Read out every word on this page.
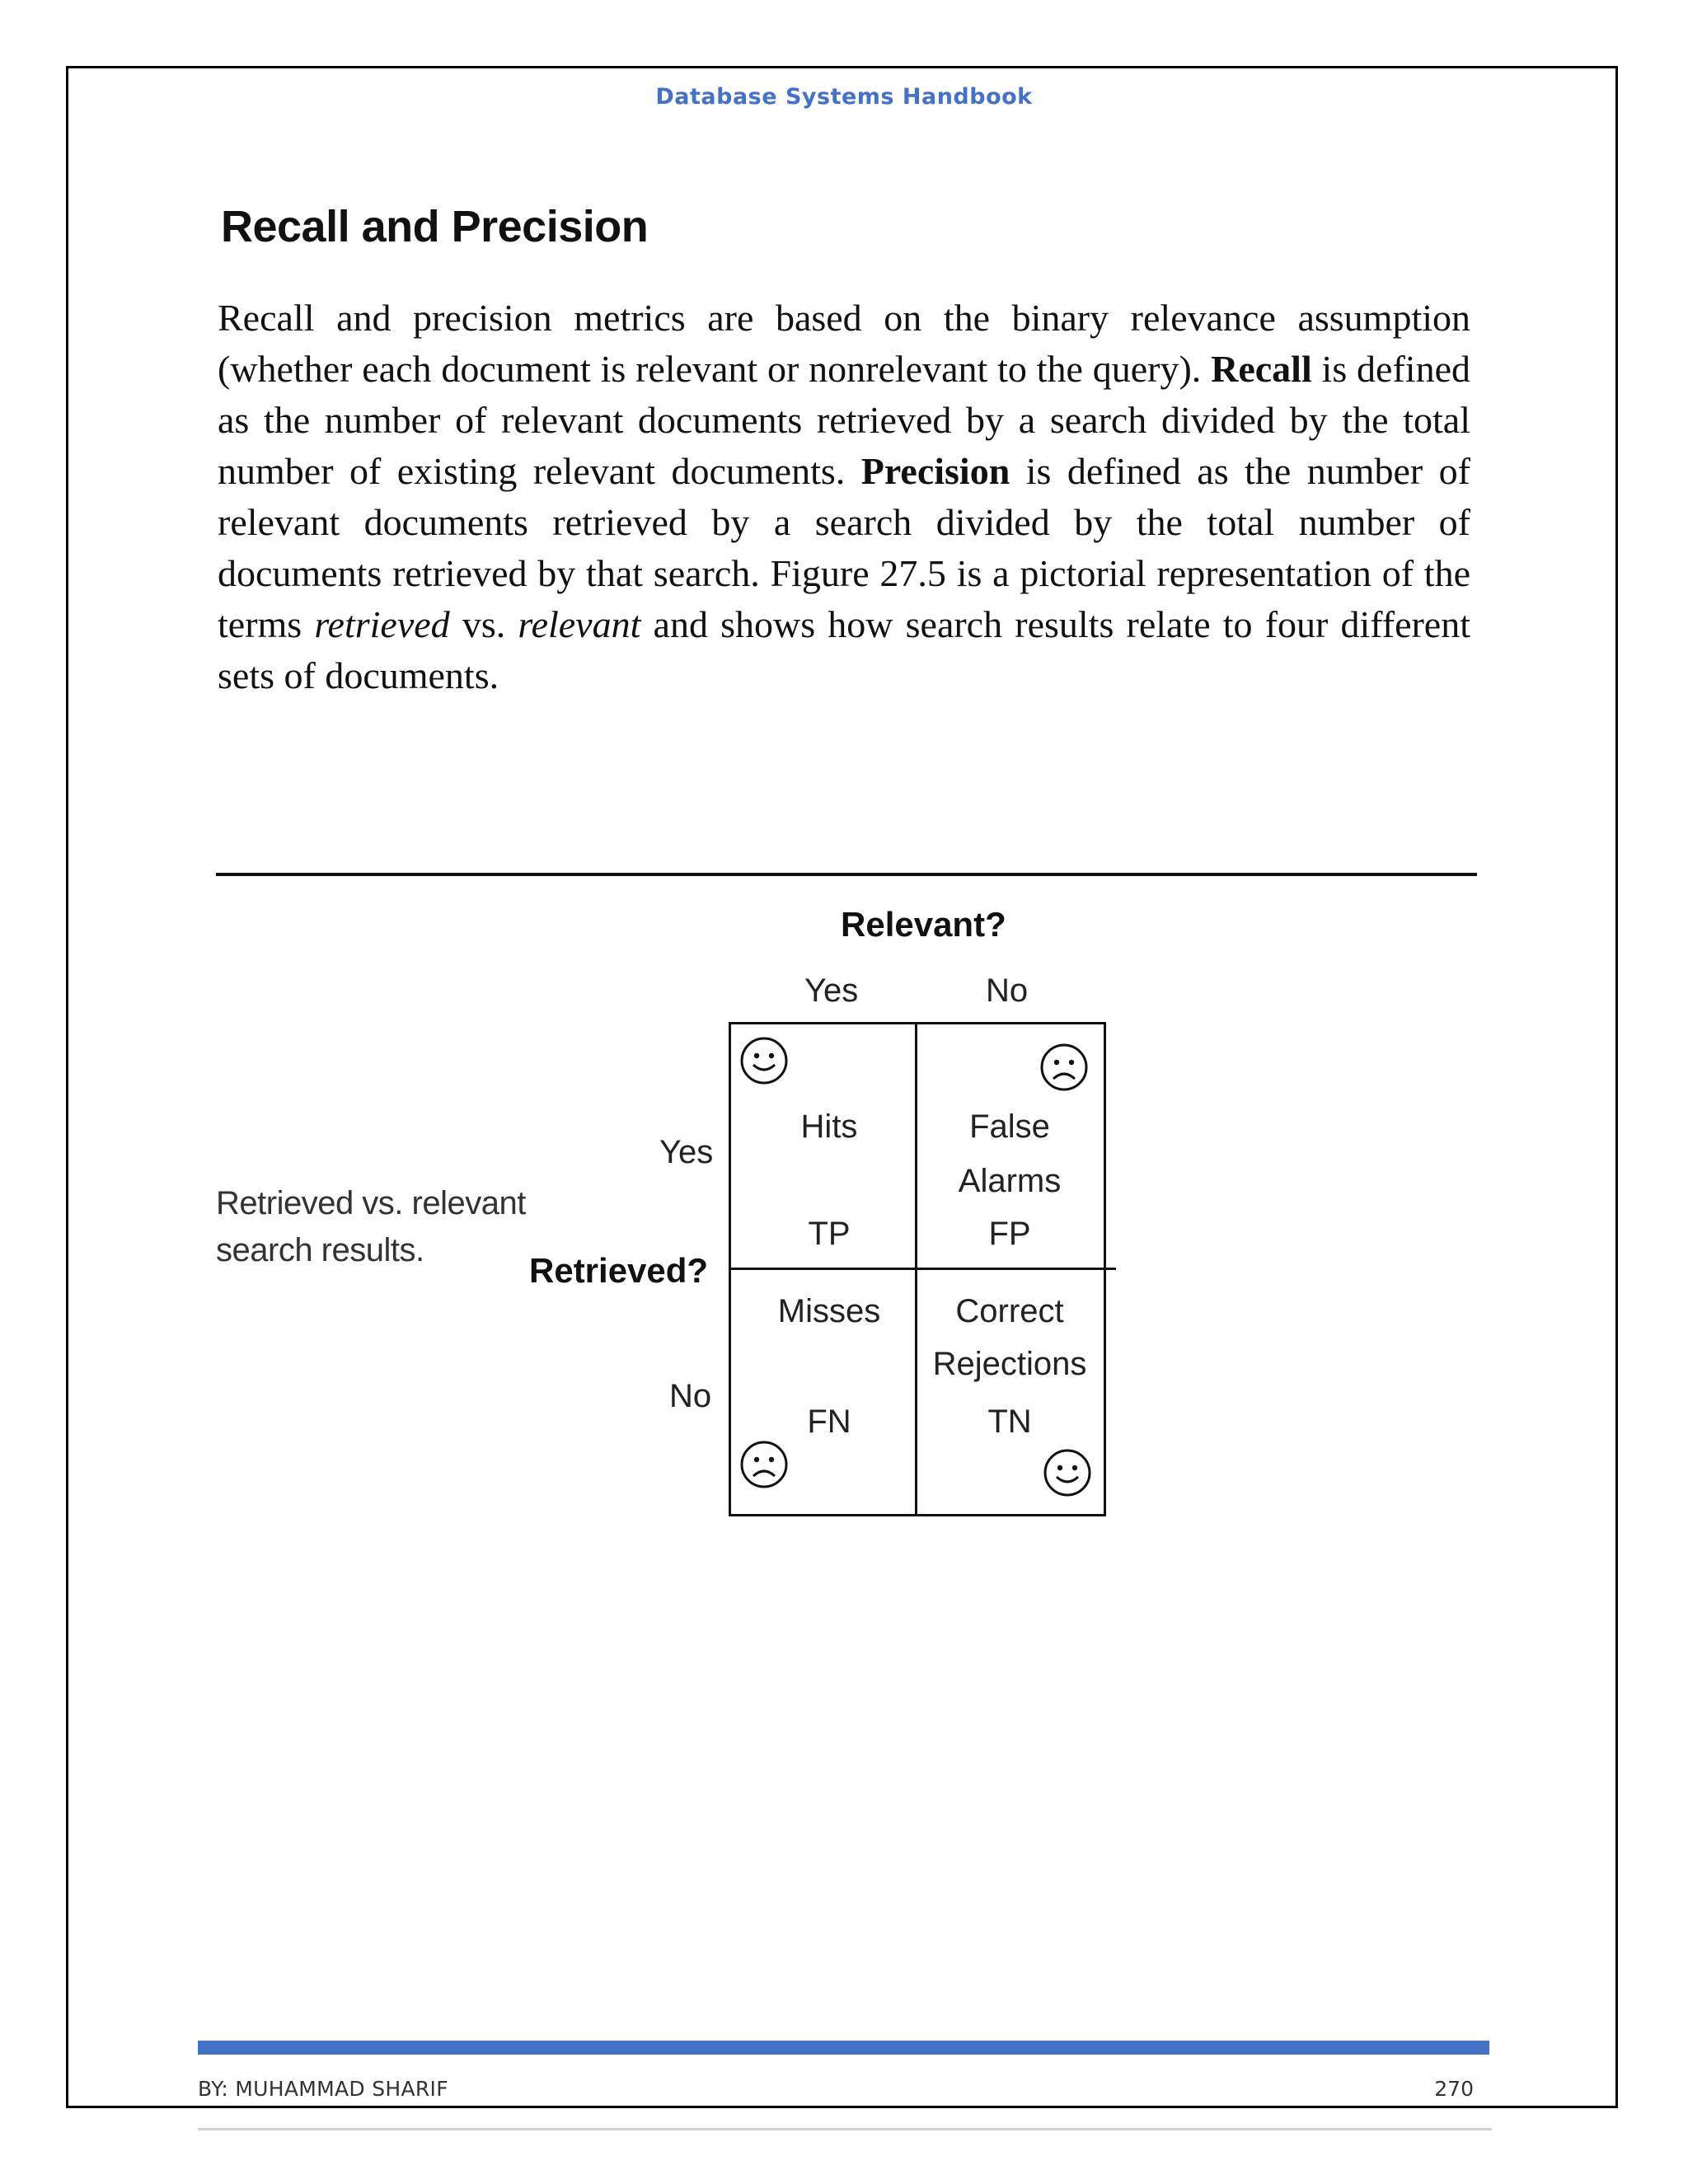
Database Systems Handbook
Recall and Precision
Recall and precision metrics are based on the binary relevance assumption (whether each document is relevant or nonrelevant to the query). Recall is defined as the number of relevant documents retrieved by a search divided by the total number of existing relevant documents. Precision is defined as the number of relevant documents retrieved by a search divided by the total number of documents retrieved by that search. Figure 27.5 is a pictorial representation of the terms retrieved vs. relevant and shows how search results relate to four different sets of documents.
Retrieved vs. relevant
search results.
Relevant?
Yes	No
Yes
Retrieved?
No
Hits
TP
False
Alarms
FP
Misses
FN
Correct
Rejections
TN
BY: MUHAMMAD SHARIF	270
